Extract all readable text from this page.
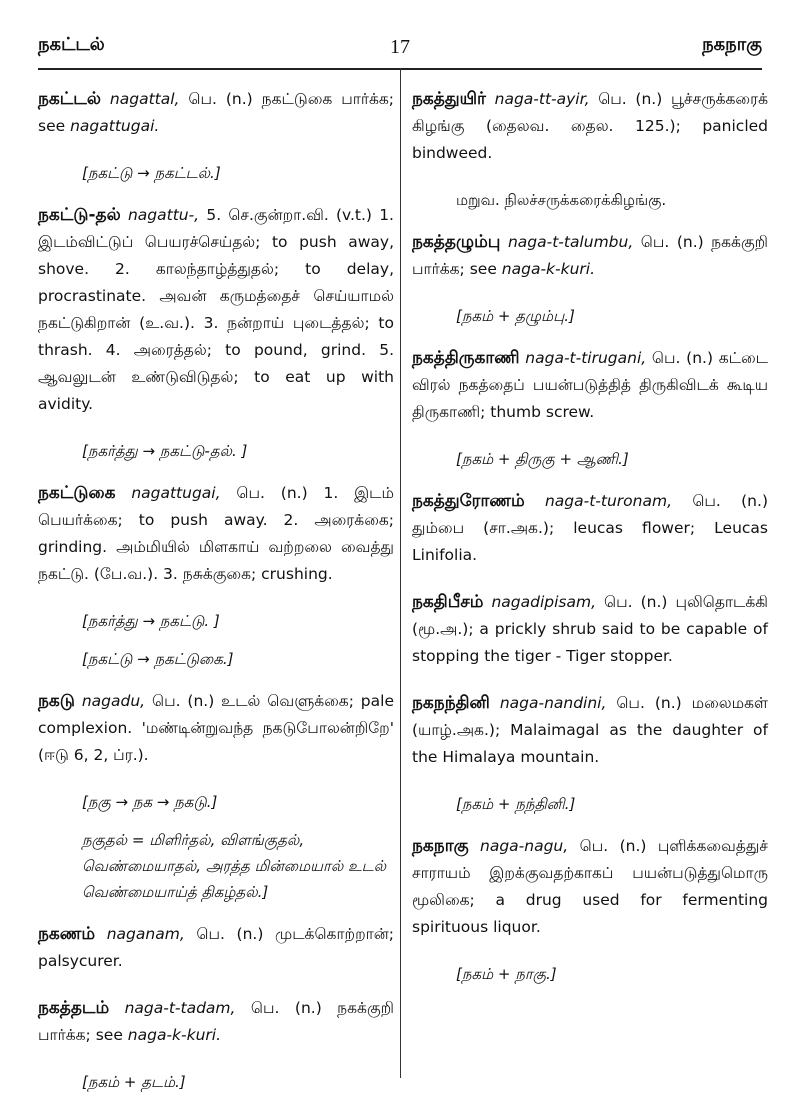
நகட்டல்	17	நகநாகு
நகட்டல் nagattal, பெ. (n.) நகட்டுகை பார்க்க; see nagattugai.
[நகட்டு → நகட்டல்.]
நகட்டு-தல் nagattu-, 5. செ.குன்றா.வி. (v.t.) 1. இடம்விட்டுப் பெயரச்செய்தல்; to push away, shove. 2. காலந்தாழ்த்துதல்; to delay, procrastinate. அவன் கருமத்தைச் செய்யாமல் நகட்டுகிறான் (உ.வ.). 3. நன்றாய் புடைத்தல்; to thrash. 4. அரைத்தல்; to pound, grind. 5. ஆவலுடன் உண்டுவிடுதல்; to eat up with avidity.
[நகர்த்து → நகட்டு-தல். ]
நகட்டுகை nagattugai, பெ. (n.) 1. இடம் பெயர்க்கை; to push away. 2. அரைக்கை; grinding. அம்மியில் மிளகாய் வற்றலை வைத்து நகட்டு. (பே.வ.). 3. நசுக்குகை; crushing.
[நகர்த்து → நகட்டு. ]
[நகட்டு → நகட்டுகை.]
நகடு nagadu, பெ. (n.) உடல் வெளுக்கை; pale complexion. 'மண்டின்றுவந்த நகடுபோலன்றிறே' (ஈடு 6, 2, ப்ர.).
[நகு → நக → நகடு.]
நகுதல் = மிளிர்தல், விளங்குதல், வெண்மையாதல், அரத்த மின்மையால் உடல் வெண்மையாய்த் திகழ்தல்.]
நகணம் naganam, பெ. (n.) முடக்கொற்றான்; palsycurer.
நகத்தடம் naga-t-tadam, பெ. (n.) நகக்குறி பார்க்க; see naga-k-kuri.
[நகம் + தடம்.]
நகத்துயிர் naga-tt-ayir, பெ. (n.) பூச்சருக்கரைக் கிழங்கு (தைலவ. தைல. 125.); panicled bindweed.
மறுவ. நிலச்சருக்கரைக்கிழங்கு.
நகத்தழும்பு naga-t-talumbu, பெ. (n.) நகக்குறி பார்க்க; see naga-k-kuri.
[நகம் + தழும்பு.]
நகத்திருகாணி naga-t-tirugani, பெ. (n.) கட்டை விரல் நகத்தைப் பயன்படுத்தித் திருகிவிடக் கூடிய திருகாணி; thumb screw.
[நகம் + திருகு + ஆணி.]
நகத்துரோணம் naga-t-turonam, பெ. (n.) தும்பை (சா.அக.); leucas flower; Leucas Linifolia.
நகதிபீசம் nagadipisam, பெ. (n.) புலிதொடக்கி (மூ.அ.); a prickly shrub said to be capable of stopping the tiger - Tiger stopper.
நகநந்தினி naga-nandini, பெ. (n.) மலைமகள் (யாழ்.அக.); Malaimagal as the daughter of the Himalaya mountain.
[நகம் + நந்தினி.]
நகநாகு naga-nagu, பெ. (n.) புளிக்கவைத்துச் சாராயம் இறக்குவதற்காகப் பயன்படுத்துமொரு மூலிகை; a drug used for fermenting spirituous liquor.
[நகம் + நாகு.]
